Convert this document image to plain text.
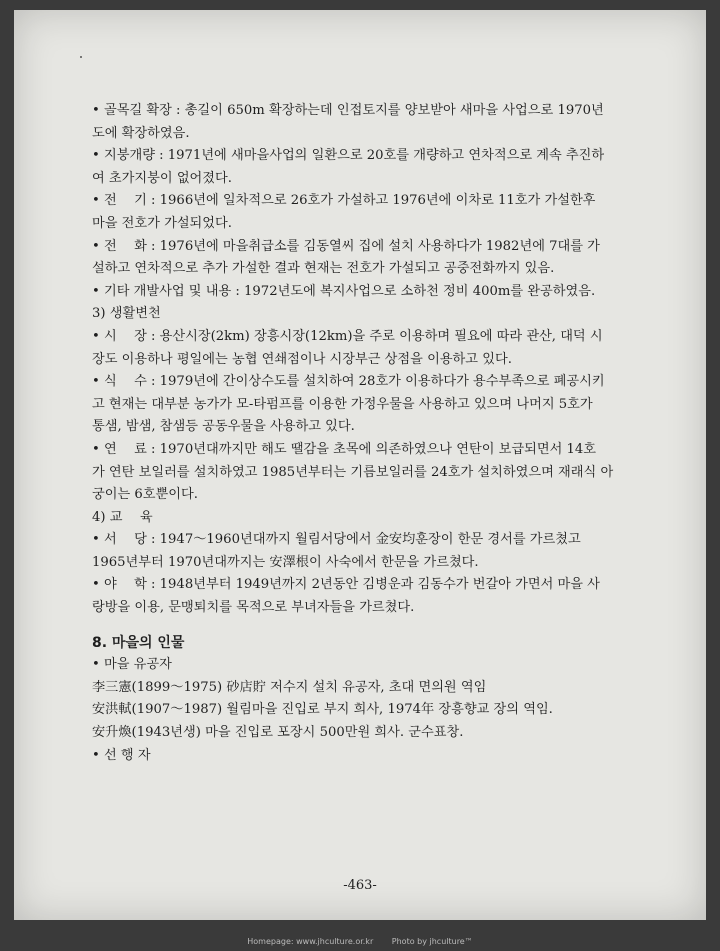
• 골목길 확장 : 총길이 650m 확장하는데 인접토지를 양보받아 새마을 사업으로 1970년
도에 확장하였음.
• 지붕개량 : 1971년에 새마을사업의 일환으로 20호를 개량하고 연차적으로 계속 추진하
여 초가지붕이 없어졌다.
• 전　 기 : 1966년에 일차적으로 26호가 가설하고 1976년에 이차로 11호가 가설한후
마을 전호가 가설되었다.
• 전　 화 : 1976년에 마을취급소를 김동열씨 집에 설치 사용하다가 1982년에 7대를 가
설하고 연차적으로 추가 가설한 결과 현재는 전호가 가설되고 공중전화까지 있음.
• 기타 개발사업 및 내용 : 1972년도에 복지사업으로 소하천 정비 400m를 완공하였음.
3) 생활변천
• 시　 장 : 용산시장(2km) 장흥시장(12km)을 주로 이용하며 필요에 따라 관산, 대덕 시
장도 이용하나 평일에는 농협 연쇄점이나 시장부근 상점을 이용하고 있다.
• 식　 수 : 1979년에 간이상수도를 설치하여 28호가 이용하다가 용수부족으로 폐공시키
고 현재는 대부분 농가가 모-타펌프를 이용한 가정우물을 사용하고 있으며 나머지 5호가
통샘, 밤샘, 참샘등 공동우물을 사용하고 있다.
• 연　 료 : 1970년대까지만 해도 땔감을 초목에 의존하였으나 연탄이 보급되면서 14호
가 연탄 보일러를 설치하였고 1985년부터는 기름보일러를 24호가 설치하였으며 재래식 아
궁이는 6호뿐이다.
4) 교　 육
• 서　 당 : 1947～1960년대까지 월림서당에서 金安均훈장이 한문 경서를 가르쳤고
1965년부터 1970년대까지는 安澤根이 사숙에서 한문을 가르쳤다.
• 야　 학 : 1948년부터 1949년까지 2년동안 김병운과 김동수가 번갈아 가면서 마을 사
랑방을 이용, 문맹퇴치를 목적으로 부녀자들을 가르쳤다.
8. 마을의 인물
• 마을 유공자
李三憲(1899～1975) 砂店貯 저수지 설치 유공자, 초대 면의원 역임
安洪軾(1907～1987) 월림마을 진입로 부지 희사, 1974年 장흥향교 장의 역임.
安升煥(1943년생) 마을 진입로 포장시 500만원 희사. 군수표창.
• 선 행 자
-463-
Homepage: www.jhculture.or.kr Photo by jhculture™
